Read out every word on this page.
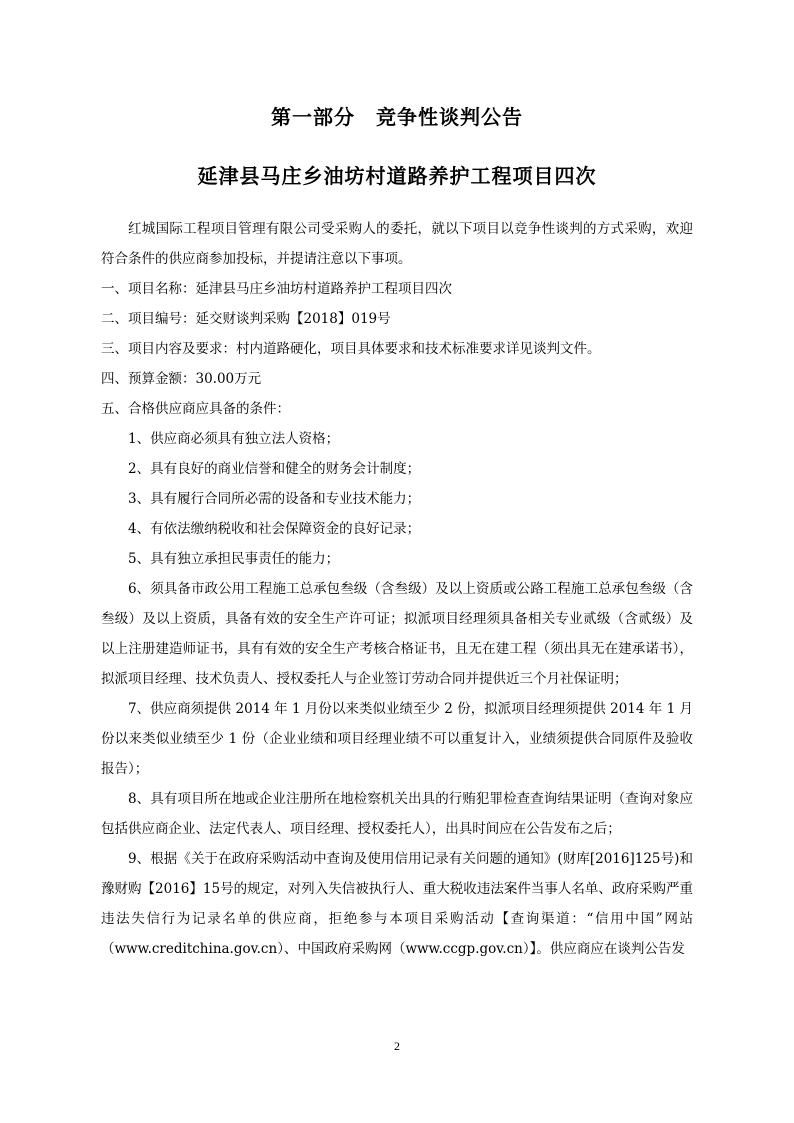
第一部分　竞争性谈判公告
延津县马庄乡油坊村道路养护工程项目四次

红城国际工程项目管理有限公司受采购人的委托，就以下项目以竞争性谈判的方式采购，欢迎符合条件的供应商参加投标，并提请注意以下事项。

一、项目名称：延津县马庄乡油坊村道路养护工程项目四次

二、项目编号：延交财谈判采购【2018】019号

三、项目内容及要求：村内道路硬化，项目具体要求和技术标准要求详见谈判文件。

四、预算金额：30.00万元

五、合格供应商应具备的条件：

1、供应商必须具有独立法人资格；

2、具有良好的商业信誉和健全的财务会计制度；

3、具有履行合同所必需的设备和专业技术能力；

4、有依法缴纳税收和社会保障资金的良好记录；

5、具有独立承担民事责任的能力；

6、须具备市政公用工程施工总承包叁级（含叁级）及以上资质或公路工程施工总承包叁级（含叁级）及以上资质，具备有效的安全生产许可证；拟派项目经理须具备相关专业贰级（含贰级）及以上注册建造师证书，具有有效的安全生产考核合格证书，且无在建工程（须出具无在建承诺书），拟派项目经理、技术负责人、授权委托人与企业签订劳动合同并提供近三个月社保证明；

7、供应商须提供 2014 年 1 月份以来类似业绩至少 2 份，拟派项目经理须提供 2014 年 1 月份以来类似业绩至少 1 份（企业业绩和项目经理业绩不可以重复计入，业绩须提供合同原件及验收报告）；

8、具有项目所在地或企业注册所在地检察机关出具的行贿犯罪检查查询结果证明（查询对象应包括供应商企业、法定代表人、项目经理、授权委托人），出具时间应在公告发布之后；

9、根据《关于在政府采购活动中查询及使用信用记录有关问题的通知》(财库[2016]125号)和豫财购【2016】15号的规定，对列入失信被执行人、重大税收违法案件当事人名单、政府采购严重违法失信行为记录名单的供应商，拒绝参与本项目采购活动【查询渠道：“信用中国”网站（www.creditchina.gov.cn）、中国政府采购网（www.ccgp.gov.cn）】。供应商应在谈判公告发

2
